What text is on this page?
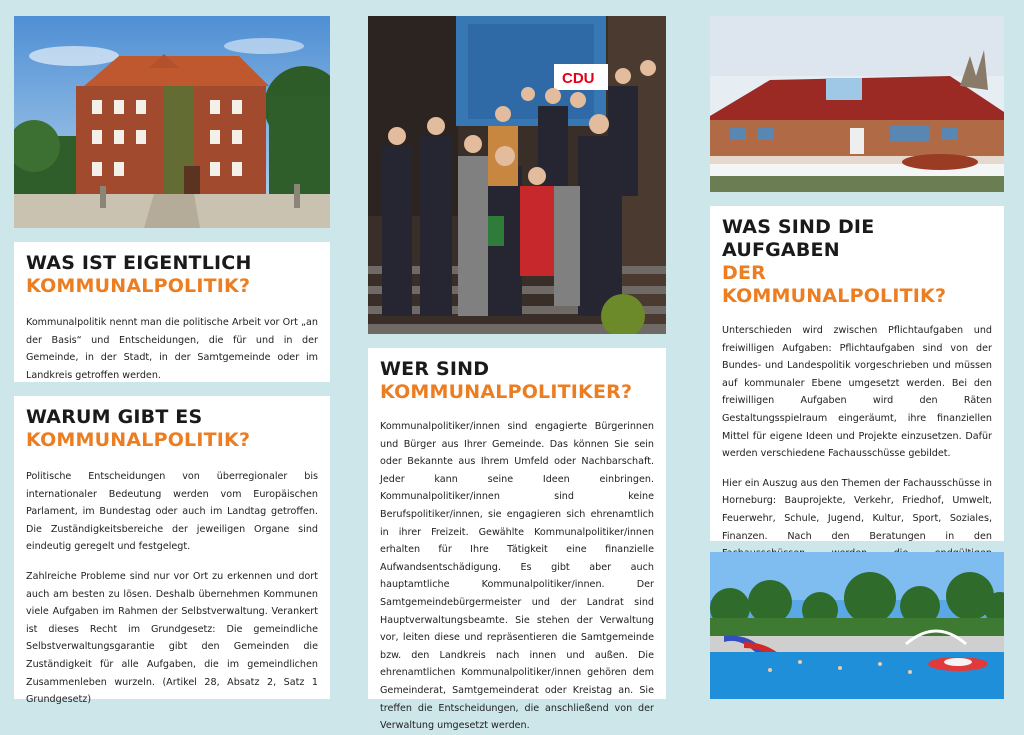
WAS IST EIGENTLICH
KOMMUNALPOLITIK?

Kommunalpolitik nennt man die politische Arbeit vor Ort „an der Basis“ und Entscheidungen, die für und in der Gemeinde, in der Stadt, in der Samtgemeinde oder im Landkreis getroffen werden.

WARUM GIBT ES
KOMMUNALPOLITIK?

Politische Entscheidungen von überregionaler bis internationaler Bedeutung werden vom Europäischen Parlament, im Bundestag oder auch im Landtag getroffen. Die Zuständigkeitsbereiche der jeweiligen Organe sind eindeutig geregelt und festgelegt.

Zahlreiche Probleme sind nur vor Ort zu erkennen und dort auch am besten zu lösen. Deshalb übernehmen Kommunen viele Aufgaben im Rahmen der Selbstverwaltung. Verankert ist dieses Recht im Grundgesetz: Die gemeindliche Selbstverwaltungsgarantie gibt den Gemeinden die Zuständigkeit für alle Aufgaben, die im gemeindlichen Zusammenleben wurzeln. (Artikel 28, Absatz 2, Satz 1 Grundgesetz)

CDU
WER SIND
KOMMUNALPOLITIKER?

Kommunalpolitiker/innen sind engagierte Bürgerinnen und Bürger aus Ihrer Gemeinde. Das können Sie sein oder Bekannte aus Ihrem Umfeld oder Nachbarschaft. Jeder kann seine Ideen einbringen. Kommunalpolitiker/innen sind keine Berufspolitiker/innen, sie engagieren sich ehrenamtlich in ihrer Freizeit. Gewählte Kommunalpolitiker/innen erhalten für Ihre Tätigkeit eine finanzielle Aufwandsentschädigung. Es gibt aber auch hauptamtliche Kommunalpolitiker/innen. Der Samtgemeindebürgermeister und der Landrat sind Hauptverwaltungsbeamte. Sie stehen der Verwaltung vor, leiten diese und repräsentieren die Samtgemeinde bzw. den Landkreis nach innen und außen. Die ehrenamtlichen Kommunalpolitiker/innen gehören dem Gemeinderat, Samtgemeinderat oder Kreistag an. Sie treffen die Entscheidungen, die anschließend von der Verwaltung umgesetzt werden.

WAS SIND DIE AUFGABEN
DER KOMMUNALPOLITIK?

Unterschieden wird zwischen Pflichtaufgaben und freiwilligen Aufgaben: Pflichtaufgaben sind von der Bundes- und Landespolitik vorgeschrieben und müssen auf kommunaler Ebene umgesetzt werden. Bei den freiwilligen Aufgaben wird den Räten Gestaltungsspielraum eingeräumt, ihre finanziellen Mittel für eigene Ideen und Projekte einzusetzen. Dafür werden verschiedene Fachausschüsse gebildet.

Hier ein Auszug aus den Themen der Fachausschüsse in Horneburg: Bauprojekte, Verkehr, Friedhof, Umwelt, Feuerwehr, Schule, Jugend, Kultur, Sport, Soziales, Finanzen. Nach den Beratungen in den
